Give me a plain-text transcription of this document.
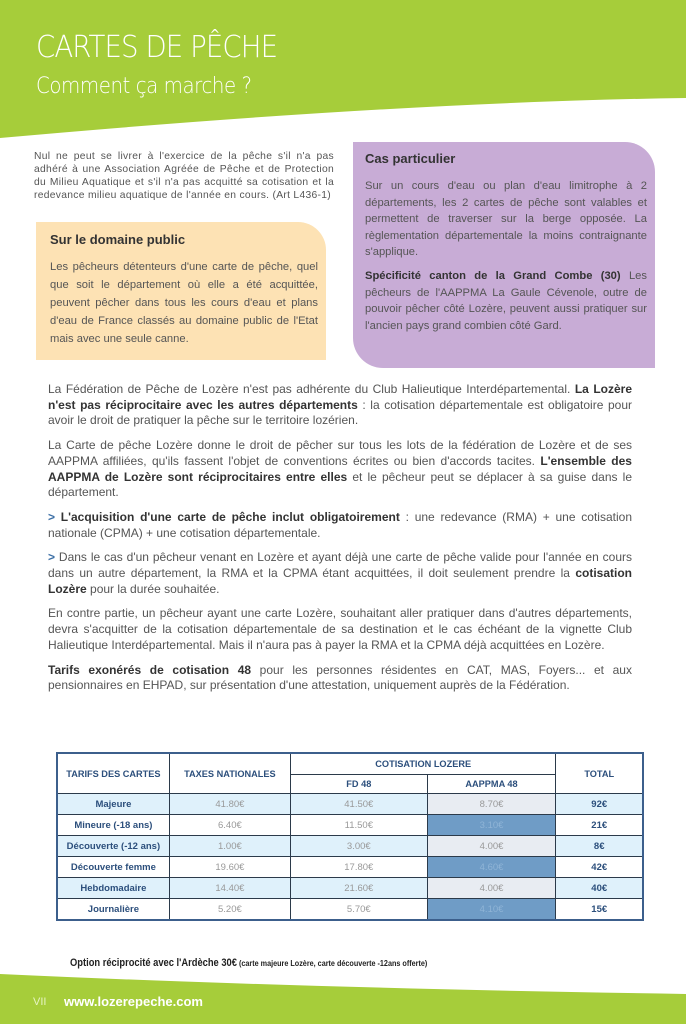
CARTES DE PÊCHE
Comment ça marche ?
Nul ne peut se livrer à l'exercice de la pêche s'il n'a pas adhéré à une Association Agréée de Pêche et de Protection du Milieu Aquatique et s'il n'a pas acquitté sa cotisation et la redevance milieu aquatique de l'année en cours. (Art L436-1)
Sur le domaine public
Les pêcheurs détenteurs d'une carte de pêche, quel que soit le département où elle a été acquittée, peuvent pêcher dans tous les cours d'eau et plans d'eau de France classés au domaine public de l'Etat mais avec une seule canne.
Cas particulier
Sur un cours d'eau ou plan d'eau limitrophe à 2 départements, les 2 cartes de pêche sont valables et permettent de traverser sur la berge opposée. La règlementation départementale la moins contraignante s'applique.
Spécificité canton de la Grand Combe (30) Les pêcheurs de l'AAPPMA La Gaule Cévenole, outre de pouvoir pêcher côté Lozère, peuvent aussi pratiquer sur l'ancien pays grand combien côté Gard.

La Fédération de Pêche de Lozère n'est pas adhérente du Club Halieutique Interdépartemental. La Lozère n'est pas réciprocitaire avec les autres départements : la cotisation départementale est obligatoire pour avoir le droit de pratiquer la pêche sur le territoire lozérien.

La Carte de pêche Lozère donne le droit de pêcher sur tous les lots de la fédération de Lozère et de ses AAPPMA affiliées, qu'ils fassent l'objet de conventions écrites ou bien d'accords tacites. L'ensemble des AAPPMA de Lozère sont réciprocitaires entre elles et le pêcheur peut se déplacer à sa guise dans le département.

> L'acquisition d'une carte de pêche inclut obligatoirement : une redevance (RMA) + une cotisation nationale (CPMA) + une cotisation départementale.

> Dans le cas d'un pêcheur venant en Lozère et ayant déjà une carte de pêche valide pour l'année en cours dans un autre département, la RMA et la CPMA étant acquittées, il doit seulement prendre la cotisation Lozère pour la durée souhaitée.

En contre partie, un pêcheur ayant une carte Lozère, souhaitant aller pratiquer dans d'autres départements, devra s'acquitter de la cotisation départementale de sa destination et le cas échéant de la vignette Club Halieutique Interdépartemental. Mais il n'aura pas à payer la RMA et la CPMA déjà acquittées en Lozère.

Tarifs exonérés de cotisation 48 pour les personnes résidentes en CAT, MAS, Foyers... et aux pensionnaires en EHPAD, sur présentation d'une attestation, uniquement auprès de la Fédération.

TARIFS DES CARTES	TAXES NATIONALES	COTISATION LOZERE		TOTAL
		FD 48	AAPPMA 48	
Majeure	41.80€	41.50€	8.70€	92€
Mineure (-18 ans)	6.40€	11.50€	3.10€	21€
Découverte (-12 ans)	1.00€	3.00€	4.00€	8€
Découverte femme	19.60€	17.80€	4.60€	42€
Hebdomadaire	14.40€	21.60€	4.00€	40€
Journalière	5.20€	5.70€	4.10€	15€
Option réciprocité avec l'Ardèche 30€ (carte majeure Lozère, carte découverte -12ans offerte)
VII www.lozerepeche.com
